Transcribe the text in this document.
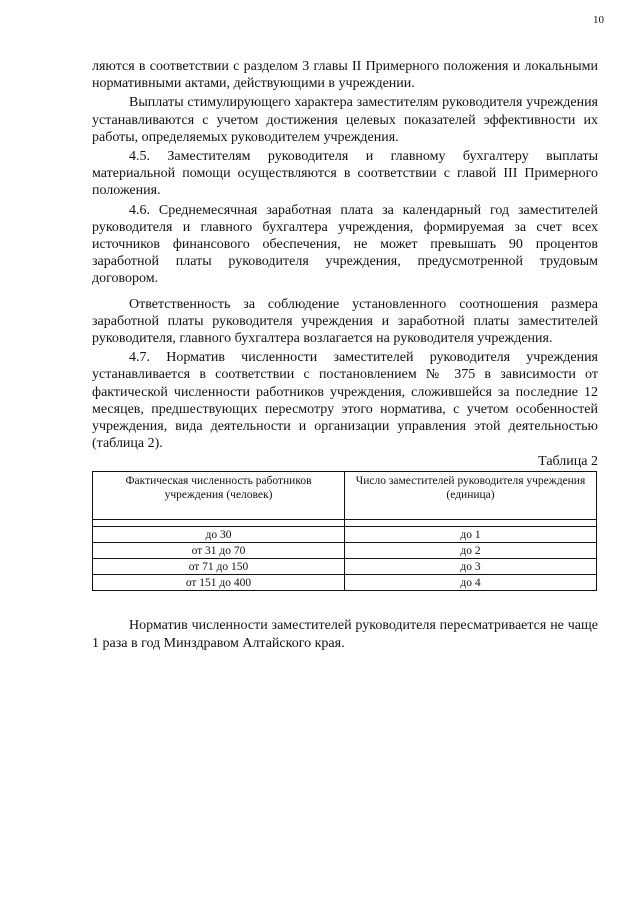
10

ляются в соответствии с разделом 3 главы II Примерного положения и локальными нормативными актами, действующими в учреждении.

Выплаты стимулирующего характера заместителям руководителя учреждения устанавливаются с учетом достижения целевых показателей эффективности их работы, определяемых руководителем учреждения.

4.5. Заместителям руководителя и главному бухгалтеру выплаты материальной помощи осуществляются в соответствии с главой III Примерного положения.

4.6. Среднемесячная заработная плата за календарный год заместителей руководителя и главного бухгалтера учреждения, формируемая за счет всех источников финансового обеспечения, не может превышать 90 процентов заработной платы руководителя учреждения, предусмотренной трудовым договором.

Ответственность за соблюдение установленного соотношения размера заработной платы руководителя учреждения и заработной платы заместителей руководителя, главного бухгалтера возлагается на руководителя учреждения.

4.7. Норматив численности заместителей руководителя учреждения устанавливается в соответствии с постановлением № 375 в зависимости от фактической численности работников учреждения, сложившейся за последние 12 месяцев, предшествующих пересмотру этого норматива, с учетом особенностей учреждения, вида деятельности и организации управления этой деятельностью (таблица 2).

Таблица 2
Фактическая численность работников учреждения (человек)	Число заместителей руководителя учреждения (единица)

до 30	до 1
от 31 до 70	до 2
от 71 до 150	до 3
от 151 до 400	до 4

Норматив численности заместителей руководителя пересматривается не чаще 1 раза в год Минздравом Алтайского края.
